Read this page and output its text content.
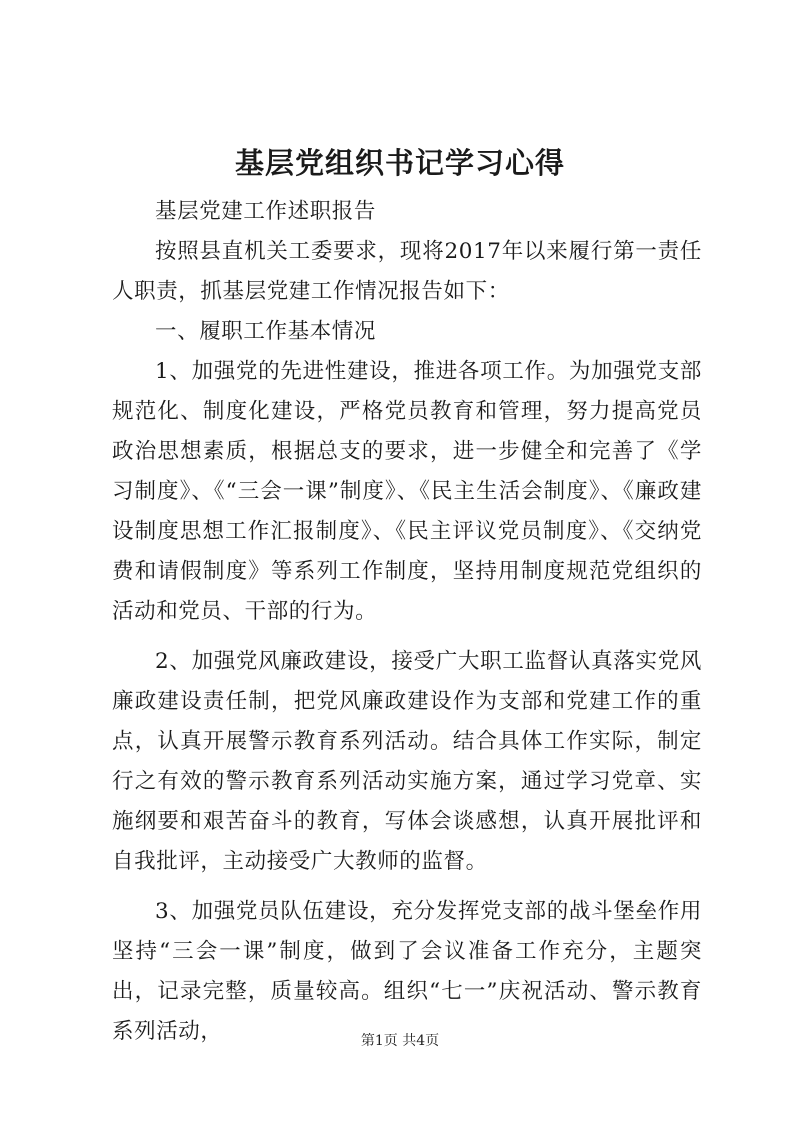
基层党组织书记学习心得

基层党建工作述职报告

按照县直机关工委要求，现将2017年以来履行第一责任人职责，抓基层党建工作情况报告如下：

一、履职工作基本情况

1、加强党的先进性建设，推进各项工作。为加强党支部规范化、制度化建设，严格党员教育和管理，努力提高党员政治思想素质，根据总支的要求，进一步健全和完善了《学习制度》、《“三会一课”制度》、《民主生活会制度》、《廉政建设制度思想工作汇报制度》、《民主评议党员制度》、《交纳党费和请假制度》等系列工作制度，坚持用制度规范党组织的活动和党员、干部的行为。

2、加强党风廉政建设，接受广大职工监督认真落实党风廉政建设责任制，把党风廉政建设作为支部和党建工作的重点，认真开展警示教育系列活动。结合具体工作实际，制定行之有效的警示教育系列活动实施方案，通过学习党章、实施纲要和艰苦奋斗的教育，写体会谈感想，认真开展批评和自我批评，主动接受广大教师的监督。

3、加强党员队伍建设，充分发挥党支部的战斗堡垒作用坚持“三会一课”制度，做到了会议准备工作充分，主题突出，记录完整，质量较高。组织“七一”庆祝活动、警示教育系列活动，	第1页 共4页
